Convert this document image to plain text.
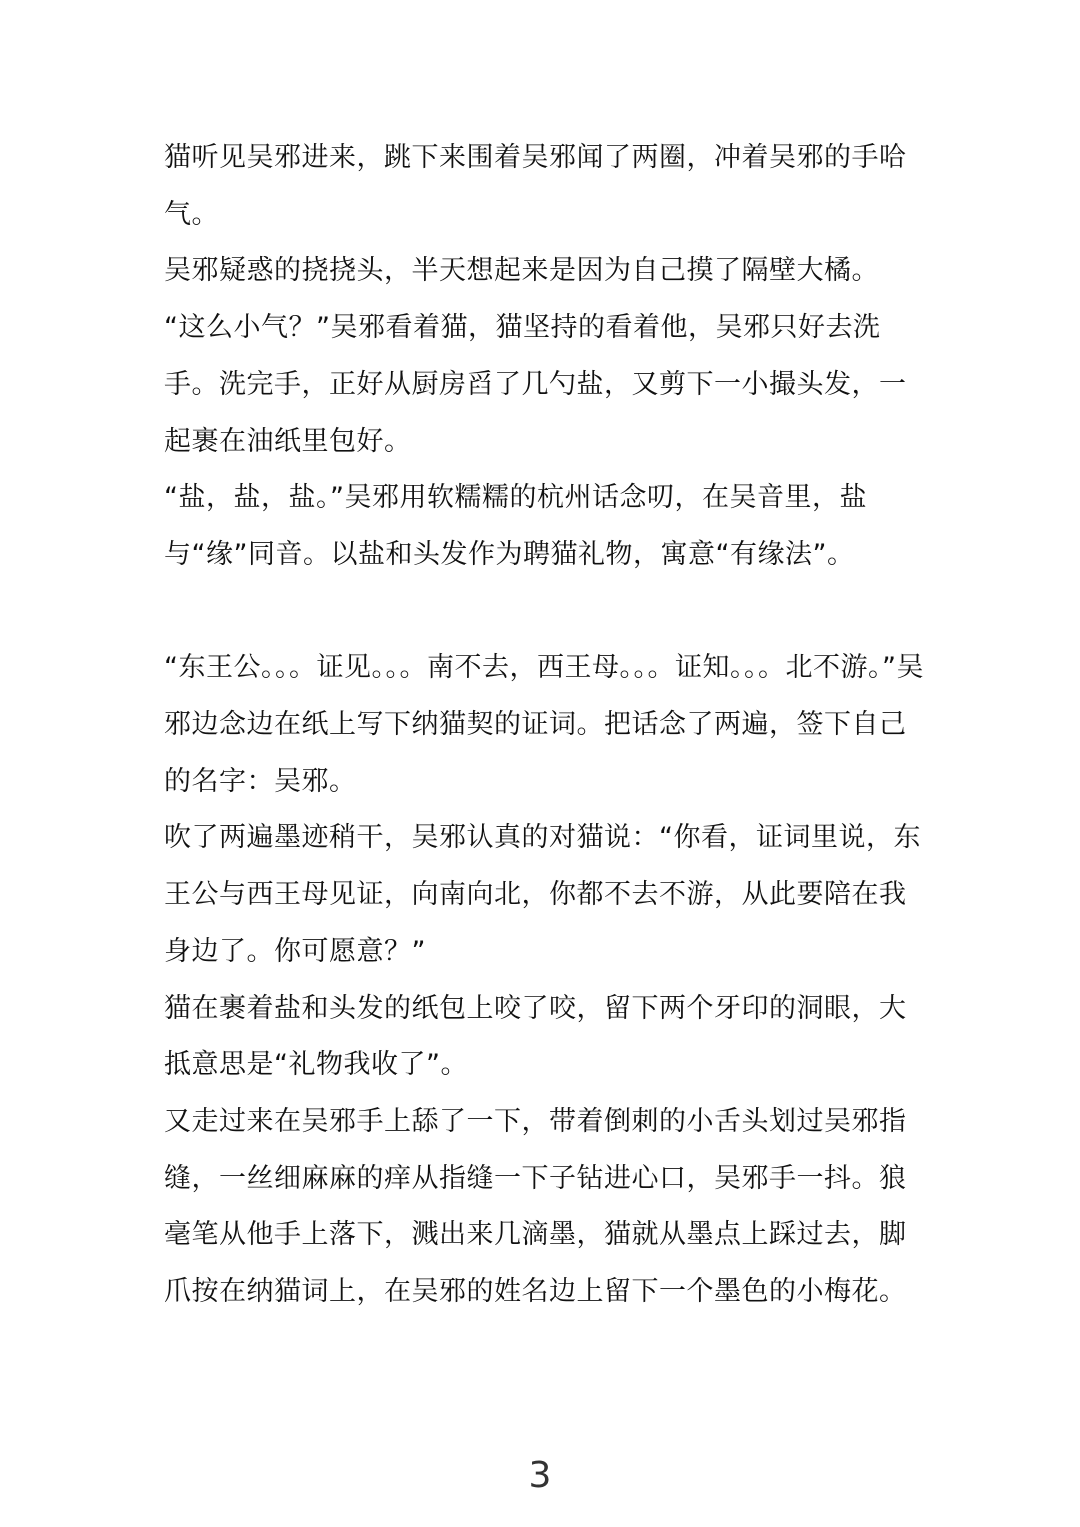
猫听见吴邪进来，跳下来围着吴邪闻了两圈，冲着吴邪的手哈气。

吴邪疑惑的挠挠头，半天想起来是因为自己摸了隔壁大橘。

“这么小气？”吴邪看着猫，猫坚持的看着他，吴邪只好去洗手。洗完手，正好从厨房舀了几勺盐，又剪下一小撮头发，一起裹在油纸里包好。

“盐，盐，盐。”吴邪用软糯糯的杭州话念叨，在吴音里，盐与“缘”同音。以盐和头发作为聘猫礼物，寓意“有缘法”。

“东王公。。。证见。。。南不去，西王母。。。证知。。。北不游。”吴邪边念边在纸上写下纳猫契的证词。把话念了两遍，签下自己的名字：吴邪。

吹了两遍墨迹稍干，吴邪认真的对猫说：“你看，证词里说，东王公与西王母见证，向南向北，你都不去不游，从此要陪在我身边了。你可愿意？”

猫在裹着盐和头发的纸包上咬了咬，留下两个牙印的洞眼，大抵意思是“礼物我收了”。

又走过来在吴邪手上舔了一下，带着倒刺的小舌头划过吴邪指缝，一丝细麻麻的痒从指缝一下子钻进心口，吴邪手一抖。狼毫笔从他手上落下，溅出来几滴墨，猫就从墨点上踩过去，脚爪按在纳猫词上，在吴邪的姓名边上留下一个墨色的小梅花。

3
